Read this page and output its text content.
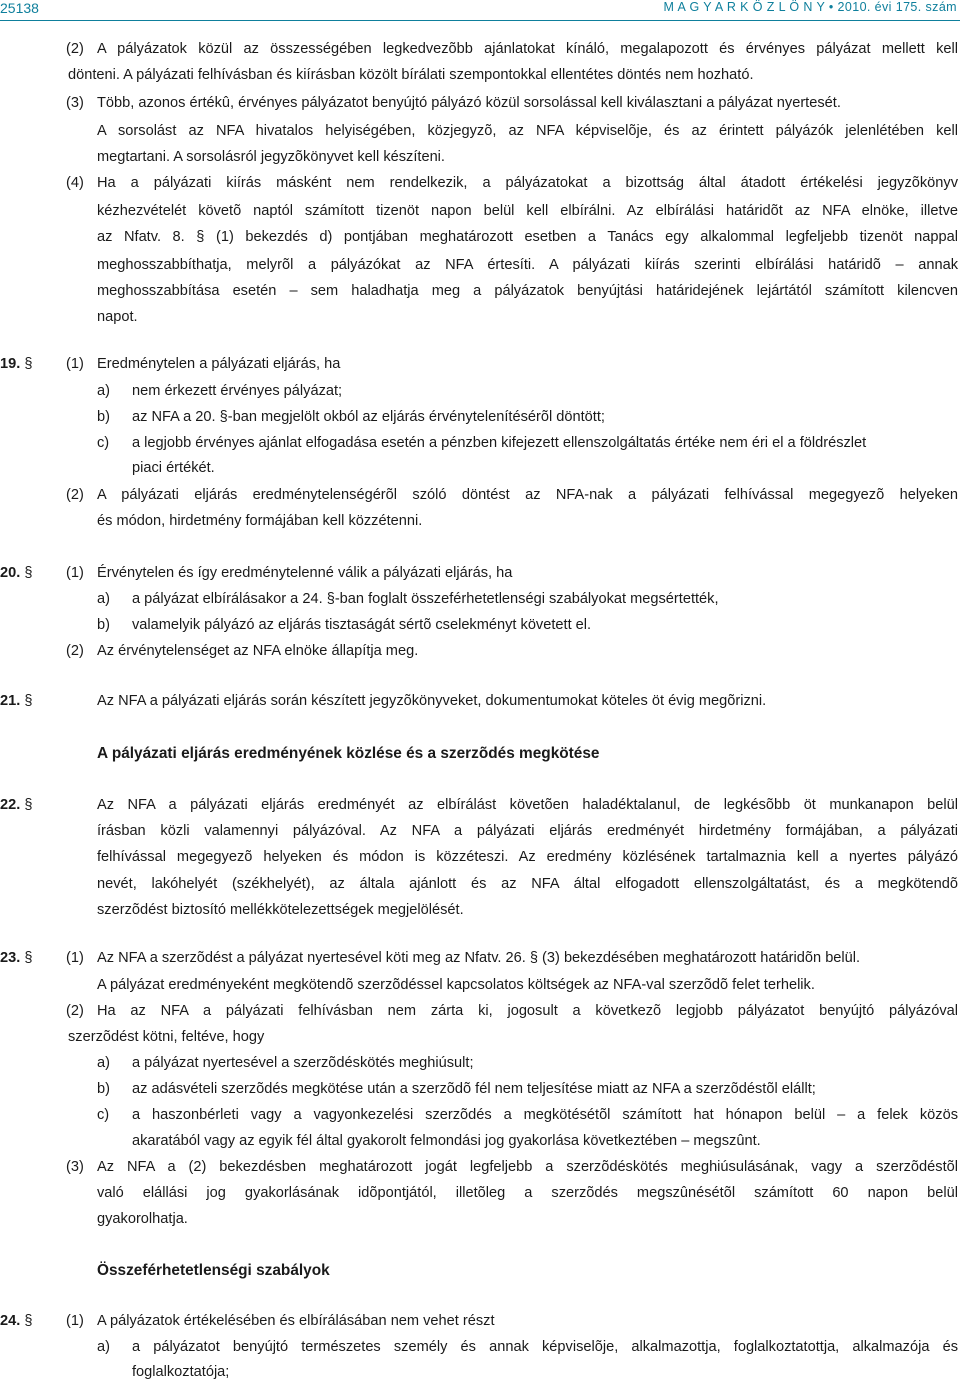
25138	M A G Y A R K Ö Z L Ö N Y • 2010. évi 175. szám
(2) A pályázatok közül az összességében legkedvezõbb ajánlatokat kínáló, megalapozott és érvényes pályázat mellett kell
dönteni. A pályázati felhívásban és kiírásban közölt bírálati szempontokkal ellentétes döntés nem hozható.
(3) Több, azonos értékû, érvényes pályázatot benyújtó pályázó közül sorsolással kell kiválasztani a pályázat nyertesét.
A sorsolást az NFA hivatalos helyiségében, közjegyzõ, az NFA képviselõje, és az érintett pályázók jelenlétében kell
megtartani. A sorsolásról jegyzõkönyvet kell készíteni.
(4) Ha a pályázati kiírás másként nem rendelkezik, a pályázatokat a bizottság által átadott értékelési jegyzõkönyv
kézhezvételét követõ naptól számított tizenöt napon belül kell elbírálni. Az elbírálási határidõt az NFA elnöke, illetve
az Nfatv. 8. § (1) bekezdés d) pontjában meghatározott esetben a Tanács egy alkalommal legfeljebb tizenöt nappal
meghosszabbíthatja, melyrõl a pályázókat az NFA értesíti. A pályázati kiírás szerinti elbírálási határidõ – annak
meghosszabbítása esetén – sem haladhatja meg a pályázatok benyújtási határidejének lejártától számított kilencven
napot.
19. §	(1) Eredménytelen a pályázati eljárás, ha
a) nem érkezett érvényes pályázat;
b) az NFA a 20. §-ban megjelölt okból az eljárás érvénytelenítésérõl döntött;
c) a legjobb érvényes ajánlat elfogadása esetén a pénzben kifejezett ellenszolgáltatás értéke nem éri el a földrészlet
piaci értékét.
(2) A pályázati eljárás eredménytelenségérõl szóló döntést az NFA-nak a pályázati felhívással megegyezõ helyeken
és módon, hirdetmény formájában kell közzétenni.
20. §	(1) Érvénytelen és így eredménytelenné válik a pályázati eljárás, ha
a) a pályázat elbírálásakor a 24. §-ban foglalt összeférhetetlenségi szabályokat megsértették,
b) valamelyik pályázó az eljárás tisztaságát sértõ cselekményt követett el.
(2) Az érvénytelenséget az NFA elnöke állapítja meg.
21. §	Az NFA a pályázati eljárás során készített jegyzõkönyveket, dokumentumokat köteles öt évig megõrizni.
A pályázati eljárás eredményének közlése és a szerzõdés megkötése
22. §	Az NFA a pályázati eljárás eredményét az elbírálást követõen haladéktalanul, de legkésõbb öt munkanapon belül
írásban közli valamennyi pályázóval. Az NFA a pályázati eljárás eredményét hirdetmény formájában, a pályázati
felhívással megegyezõ helyeken és módon is közzéteszi. Az eredmény közlésének tartalmaznia kell a nyertes pályázó
nevét, lakóhelyét (székhelyét), az általa ajánlott és az NFA által elfogadott ellenszolgáltatást, és a megkötendõ
szerzõdést biztosító mellékkötelezettségek megjelölését.
23. §	(1) Az NFA a szerzõdést a pályázat nyertesével köti meg az Nfatv. 26. § (3) bekezdésében meghatározott határidõn belül.
A pályázat eredményeként megkötendõ szerzõdéssel kapcsolatos költségek az NFA-val szerzõdõ felet terhelik.
(2) Ha az NFA a pályázati felhívásban nem zárta ki, jogosult a következõ legjobb pályázatot benyújtó pályázóval
szerzõdést kötni, feltéve, hogy
a) a pályázat nyertesével a szerzõdéskötés meghiúsult;
b) az adásvételi szerzõdés megkötése után a szerzõdõ fél nem teljesítése miatt az NFA a szerzõdéstõl elállt;
c) a haszonbérleti vagy a vagyonkezelési szerzõdés a megkötésétõl számított hat hónapon belül – a felek közös
akaratából vagy az egyik fél által gyakorolt felmondási jog gyakorlása következtében – megszûnt.
(3) Az NFA a (2) bekezdésben meghatározott jogát legfeljebb a szerzõdéskötés meghiúsulásának, vagy a szerzõdéstõl
való elállási jog gyakorlásának idõpontjától, illetõleg a szerzõdés megszûnésétõl számított 60 napon belül
gyakorolhatja.
Összeférhetetlenségi szabályok
24. §	(1) A pályázatok értékelésében és elbírálásában nem vehet részt
a) a pályázatot benyújtó természetes személy és annak képviselõje, alkalmazottja, foglalkoztatottja, alkalmazója és
foglalkoztatója;
